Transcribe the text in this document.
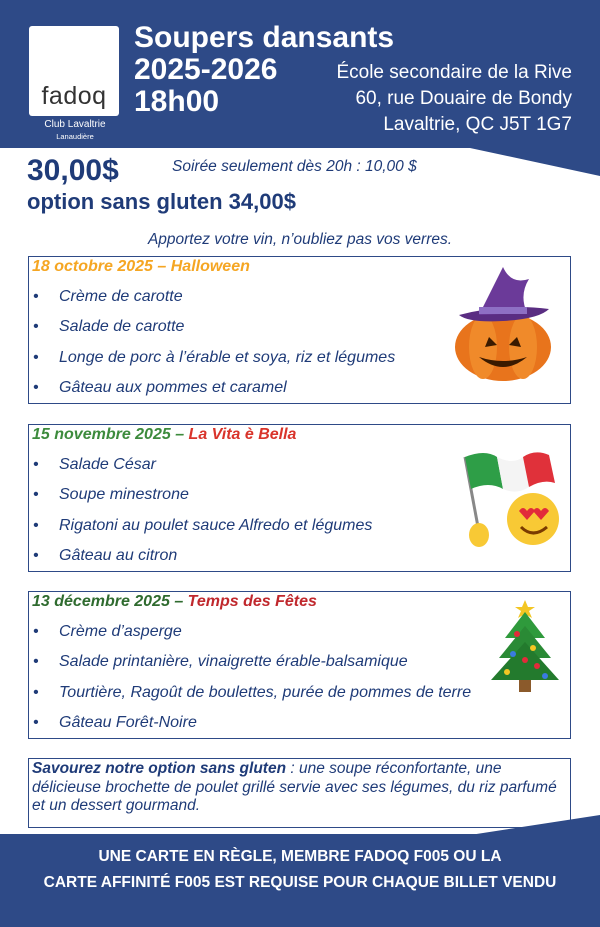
fadoq
Club Lavaltrie
Lanaudière
Soupers dansants
2025-2026
18h00
École secondaire de la Rive
60, rue Douaire de Bondy
Lavaltrie, QC J5T 1G7
30,00$
option sans gluten 34,00$
Soirée seulement dès 20h : 10,00 $
Apportez votre vin, n’oubliez pas vos verres.
18 octobre 2025 – Halloween
• Crème de carotte
• Salade de carotte
• Longe de porc à l’érable et soya, riz et légumes
• Gâteau aux pommes et caramel
15 novembre 2025 – La Vita è Bella
• Salade César
• Soupe minestrone
• Rigatoni au poulet sauce Alfredo et légumes
• Gâteau au citron
13 décembre 2025 – Temps des Fêtes
• Crème d’asperge
• Salade printanière, vinaigrette érable-balsamique
• Tourtière, Ragoût de boulettes, purée de pommes de terre
• Gâteau Forêt-Noire
Savourez notre option sans gluten : une soupe réconfortante, une délicieuse brochette de poulet grillé servie avec ses légumes, du riz parfumé et un dessert gourmand.
UNE CARTE EN RÈGLE, MEMBRE FADOQ F005 OU LA
CARTE AFFINITÉ F005 EST REQUISE POUR CHAQUE BILLET VENDU
